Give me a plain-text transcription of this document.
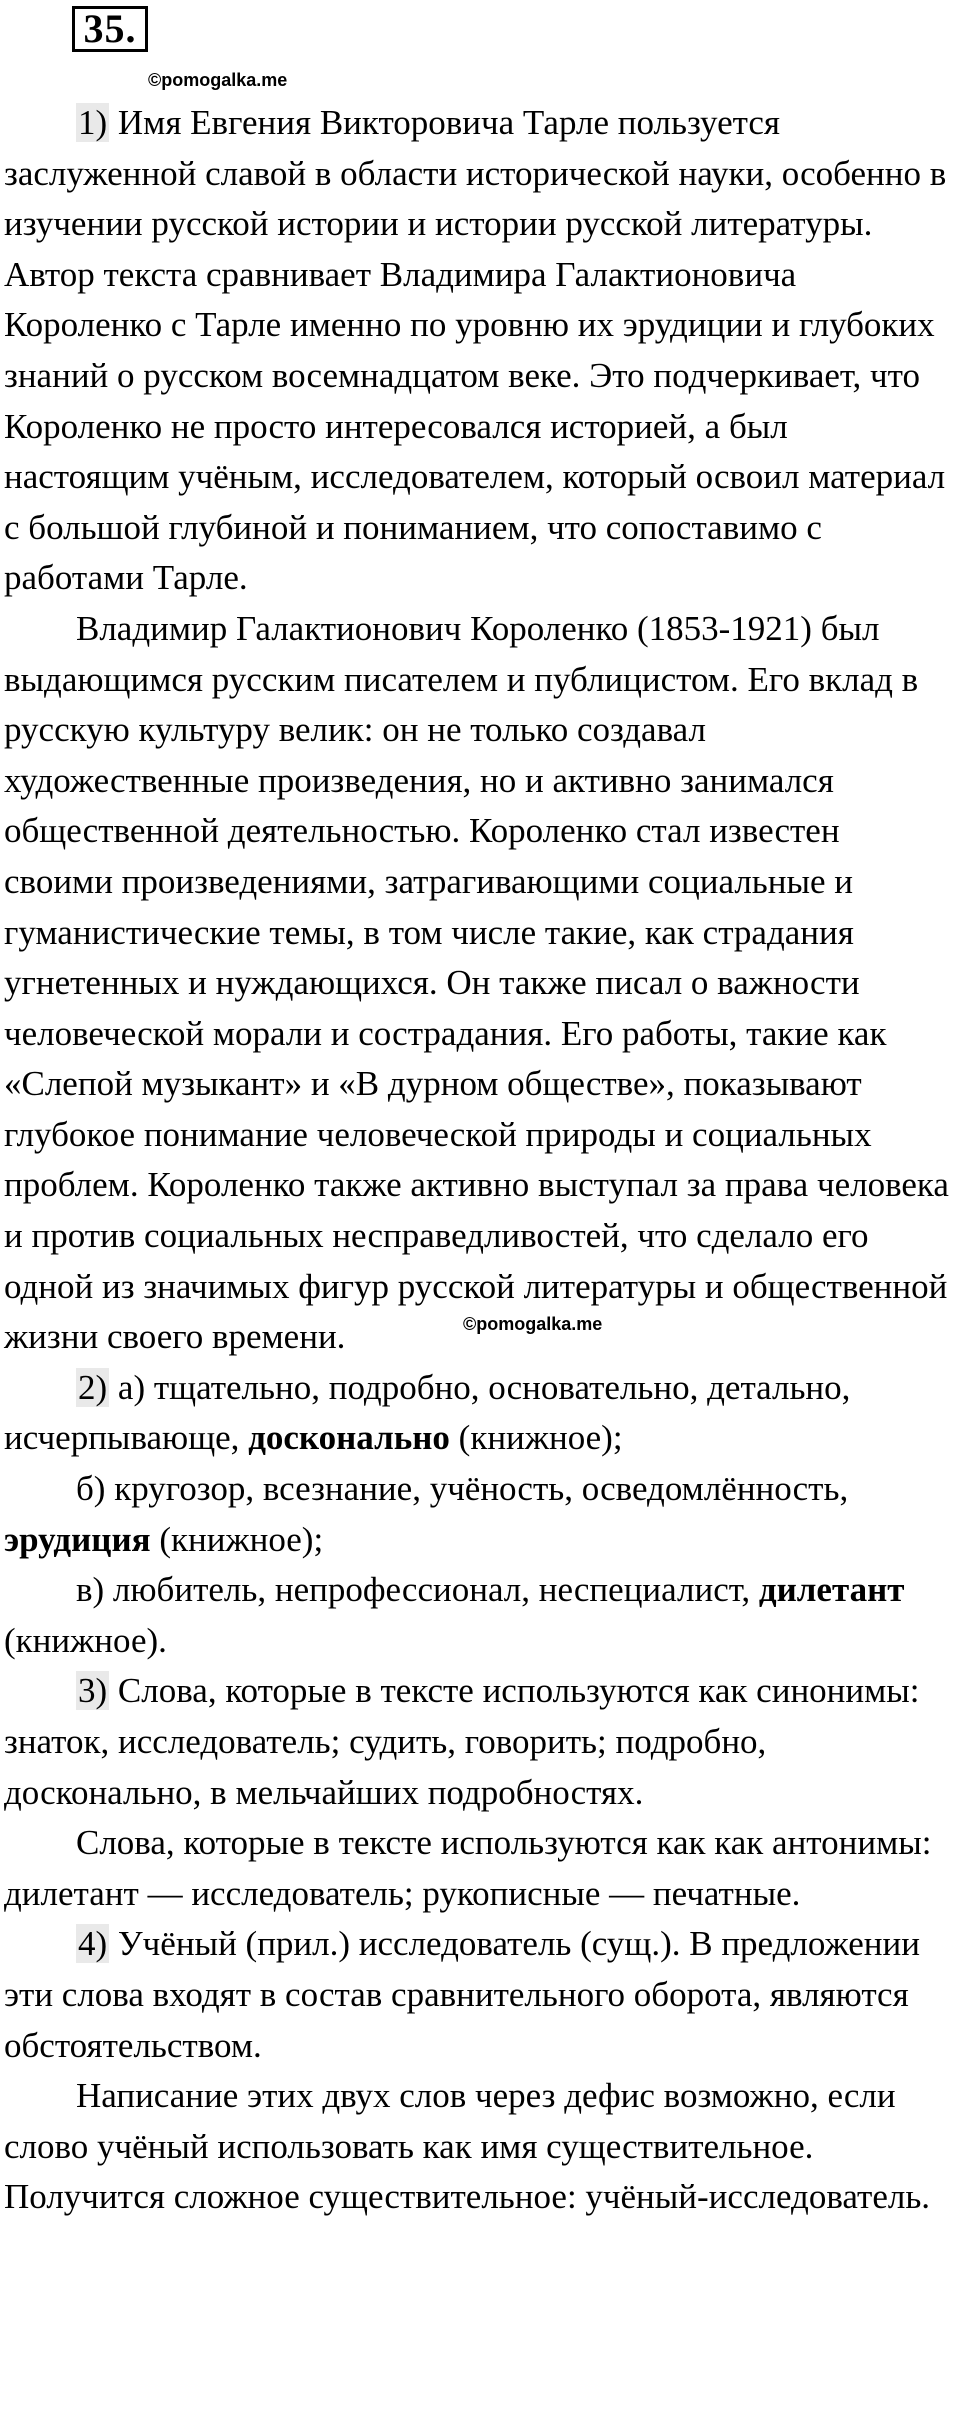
35.
©pomogalka.me

1) Имя Евгения Викторовича Тарле пользуется заслуженной славой в области исторической науки, особенно в изучении русской истории и истории русской литературы. Автор текста сравнивает Владимира Галактионовича Короленко с Тарле именно по уровню их эрудиции и глубоких знаний о русском восемнадцатом веке. Это подчеркивает, что Короленко не просто интересовался историей, а был настоящим учёным, исследователем, который освоил материал с большой глубиной и пониманием, что сопоставимо с работами Тарле.

Владимир Галактионович Короленко (1853-1921) был выдающимся русским писателем и публицистом. Его вклад в русскую культуру велик: он не только создавал художественные произведения, но и активно занимался общественной деятельностью. Короленко стал известен своими произведениями, затрагивающими социальные и гуманистические темы, в том числе такие, как страдания угнетенных и нуждающихся. Он также писал о важности человеческой морали и сострадания. Его работы, такие как «Слепой музыкант» и «В дурном обществе», показывают глубокое понимание человеческой природы и социальных проблем. Короленко также активно выступал за права человека и против социальных несправедливостей, что сделало его одной из значимых фигур русской литературы и общественной жизни своего времени.

2) а) тщательно, подробно, основательно, детально, исчерпывающе, досконально (книжное);

б) кругозор, всезнание, учёность, осведомлённость, эрудиция (книжное);

в) любитель, непрофессионал, неспециалист, дилетант (книжное).

3) Слова, которые в тексте используются как синонимы: знаток, исследователь; судить, говорить; подробно, досконально, в мельчайших подробностях.

Слова, которые в тексте используются как как антонимы: дилетант — исследователь; рукописные — печатные.

4) Учёный (прил.) исследователь (сущ.). В предложении эти слова входят в состав сравнительного оборота, являются обстоятельством.

Написание этих двух слов через дефис возможно, если слово учёный использовать как имя существительное. Получится сложное существительное: учёный-исследователь.

©pomogalka.me
